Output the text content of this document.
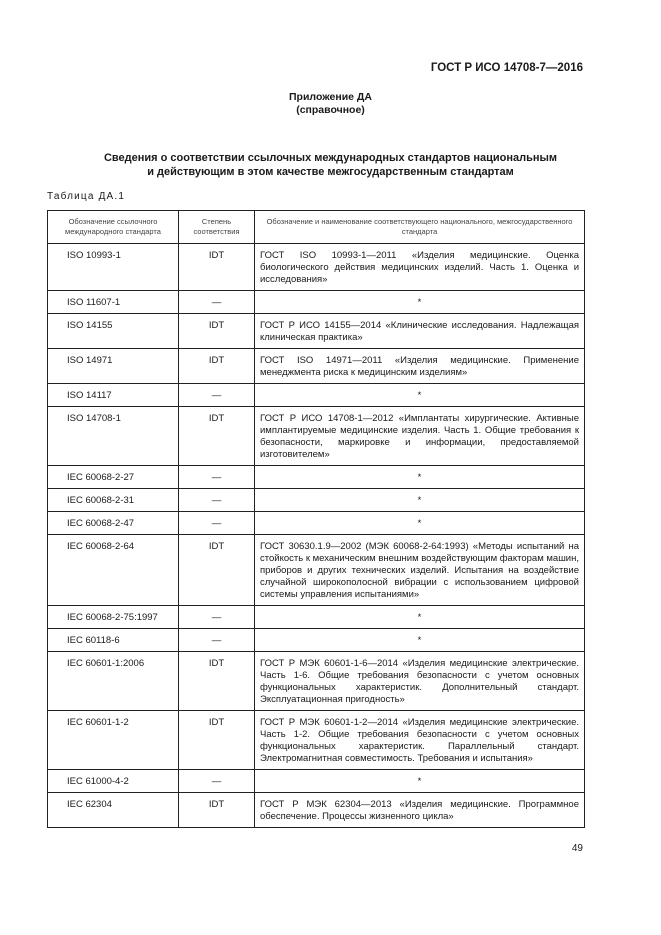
ГОСТ Р ИСО 14708-7—2016
Приложение ДА
(справочное)
Сведения о соответствии ссылочных международных стандартов национальным
и действующим в этом качестве межгосударственным стандартам
Таблица ДА.1
Обозначение ссылочного международного стандарта	Степень соответствия	Обозначение и наименование соответствующего национального, межгосударственного стандарта
ISO 10993-1	IDT	ГОСТ ISO 10993-1—2011 «Изделия медицинские. Оценка биологического действия медицинских изделий. Часть 1. Оценка и исследования»
ISO 11607-1	—	*
ISO 14155	IDT	ГОСТ Р ИСО 14155—2014 «Клинические исследования. Надлежащая клиническая практика»
ISO 14971	IDT	ГОСТ ISO 14971—2011 «Изделия медицинские. Применение менеджмента риска к медицинским изделиям»
ISO 14117	—	*
ISO 14708-1	IDT	ГОСТ Р ИСО 14708-1—2012 «Имплантаты хирургические. Активные имплантируемые медицинские изделия. Часть 1. Общие требования к безопасности, маркировке и информации, предоставляемой изготовителем»
IEC 60068-2-27	—	*
IEC 60068-2-31	—	*
IEC 60068-2-47	—	*
IEC 60068-2-64	IDT	ГОСТ 30630.1.9—2002 (МЭК 60068-2-64:1993) «Методы испытаний на стойкость к механическим внешним воздействующим факторам машин, приборов и других технических изделий. Испытания на воздействие случайной широкополосной вибрации с использованием цифровой системы управления испытаниями»
IEC 60068-2-75:1997	—	*
IEC 60118-6	—	*
IEC 60601-1:2006	IDT	ГОСТ Р МЭК 60601-1-6—2014 «Изделия медицинские электрические. Часть 1-6. Общие требования безопасности с учетом основных функциональных характеристик. Дополнительный стандарт. Эксплуатационная пригодность»
IEC 60601-1-2	IDT	ГОСТ Р МЭК 60601-1-2—2014 «Изделия медицинские электрические. Часть 1-2. Общие требования безопасности с учетом основных функциональных характеристик. Параллельный стандарт. Электромагнитная совместимость. Требования и испытания»
IEC 61000-4-2	—	*
IEC 62304	IDT	ГОСТ Р МЭК 62304—2013 «Изделия медицинские. Программное обеспечение. Процессы жизненного цикла»
49
